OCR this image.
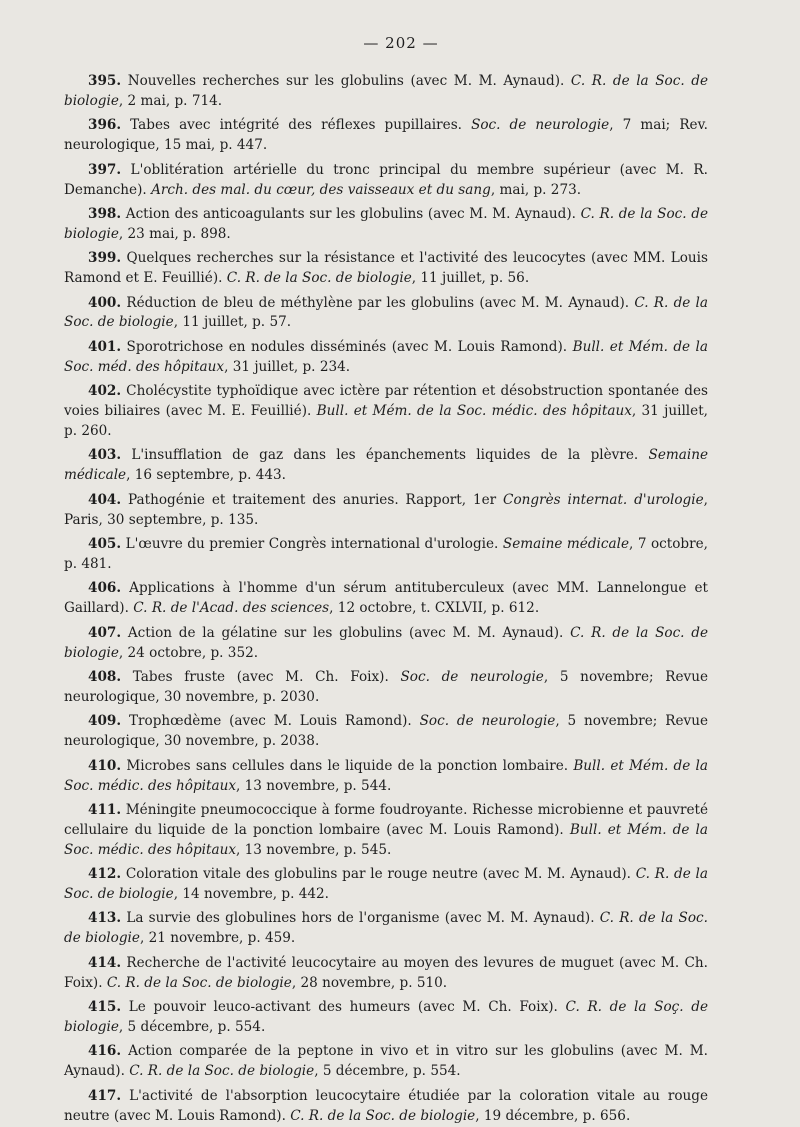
— 202 —

395. Nouvelles recherches sur les globulins (avec M. M. Aynaud). C. R. de la Soc. de biologie, 2 mai, p. 714.

396. Tabes avec intégrité des réflexes pupillaires. Soc. de neurologie, 7 mai; Rev. neurologique, 15 mai, p. 447.

397. L'oblitération artérielle du tronc principal du membre supérieur (avec M. R. Demanche). Arch. des mal. du cœur, des vaisseaux et du sang, mai, p. 273.

398. Action des anticoagulants sur les globulins (avec M. M. Aynaud). C. R. de la Soc. de biologie, 23 mai, p. 898.

399. Quelques recherches sur la résistance et l'activité des leucocytes (avec MM. Louis Ramond et E. Feuillié). C. R. de la Soc. de biologie, 11 juillet, p. 56.

400. Réduction de bleu de méthylène par les globulins (avec M. M. Aynaud). C. R. de la Soc. de biologie, 11 juillet, p. 57.

401. Sporotrichose en nodules disséminés (avec M. Louis Ramond). Bull. et Mém. de la Soc. méd. des hôpitaux, 31 juillet, p. 234.

402. Cholécystite typhoïdique avec ictère par rétention et désobstruction spontanée des voies biliaires (avec M. E. Feuillié). Bull. et Mém. de la Soc. médic. des hôpitaux, 31 juillet, p. 260.

403. L'insufflation de gaz dans les épanchements liquides de la plèvre. Semaine médicale, 16 septembre, p. 443.

404. Pathogénie et traitement des anuries. Rapport, 1er Congrès internat. d'urologie, Paris, 30 septembre, p. 135.

405. L'œuvre du premier Congrès international d'urologie. Semaine médicale, 7 octobre, p. 481.

406. Applications à l'homme d'un sérum antituberculeux (avec MM. Lannelongue et Gaillard). C. R. de l'Acad. des sciences, 12 octobre, t. CXLVII, p. 612.

407. Action de la gélatine sur les globulins (avec M. M. Aynaud). C. R. de la Soc. de biologie, 24 octobre, p. 352.

408. Tabes fruste (avec M. Ch. Foix). Soc. de neurologie, 5 novembre; Revue neurologique, 30 novembre, p. 2030.

409. Trophœdème (avec M. Louis Ramond). Soc. de neurologie, 5 novembre; Revue neurologique, 30 novembre, p. 2038.

410. Microbes sans cellules dans le liquide de la ponction lombaire. Bull. et Mém. de la Soc. médic. des hôpitaux, 13 novembre, p. 544.

411. Méningite pneumococcique à forme foudroyante. Richesse microbienne et pauvreté cellulaire du liquide de la ponction lombaire (avec M. Louis Ramond). Bull. et Mém. de la Soc. médic. des hôpitaux, 13 novembre, p. 545.

412. Coloration vitale des globulins par le rouge neutre (avec M. M. Aynaud). C. R. de la Soc. de biologie, 14 novembre, p. 442.

413. La survie des globulines hors de l'organisme (avec M. M. Aynaud). C. R. de la Soc. de biologie, 21 novembre, p. 459.

414. Recherche de l'activité leucocytaire au moyen des levures de muguet (avec M. Ch. Foix). C. R. de la Soc. de biologie, 28 novembre, p. 510.

415. Le pouvoir leuco-activant des humeurs (avec M. Ch. Foix). C. R. de la Soç. de biologie, 5 décembre, p. 554.

416. Action comparée de la peptone in vivo et in vitro sur les globulins (avec M. M. Aynaud). C. R. de la Soc. de biologie, 5 décembre, p. 554.

417. L'activité de l'absorption leucocytaire étudiée par la coloration vitale au rouge neutre (avec M. Louis Ramond). C. R. de la Soc. de biologie, 19 décembre, p. 656.
